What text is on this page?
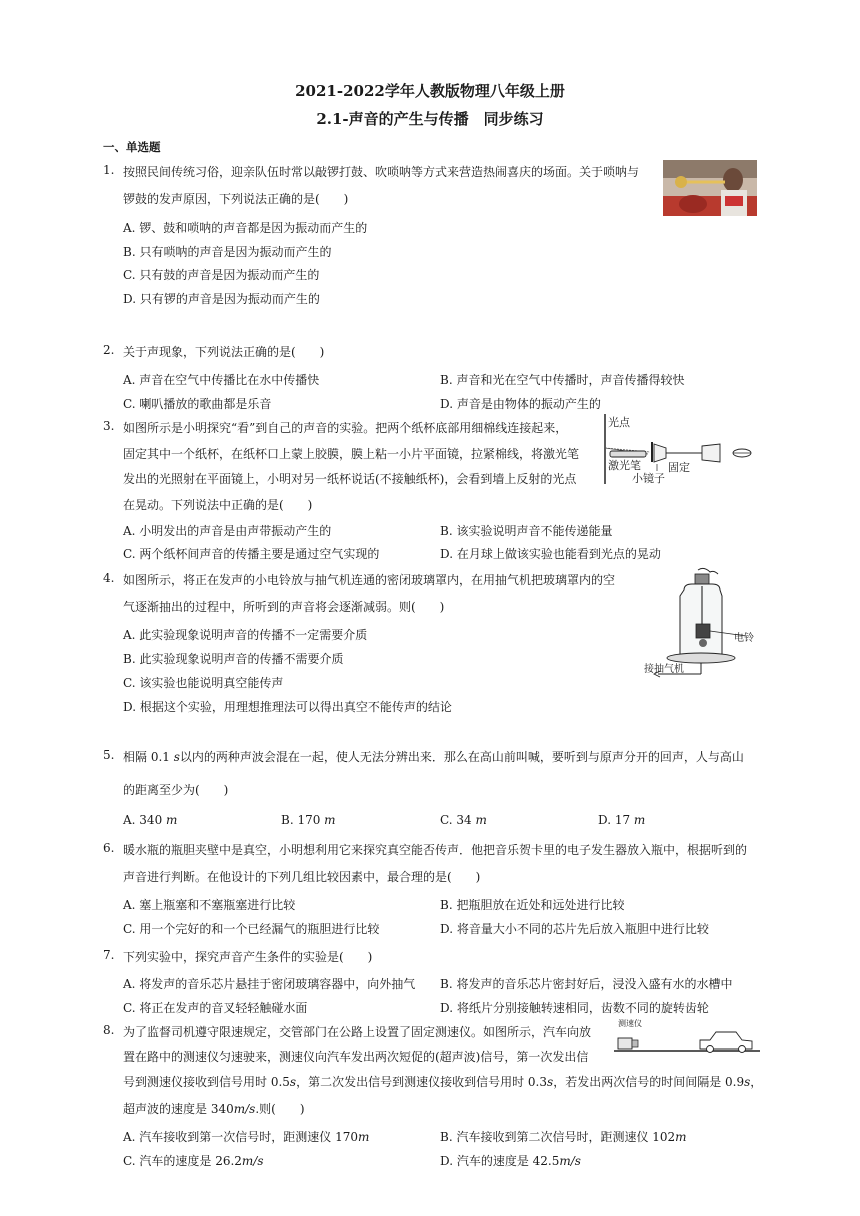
2021-2022学年人教版物理八年级上册
2.1-声音的产生与传播　同步练习
一、单选题
1. 按照民间传统习俗，迎亲队伍时常以敲锣打鼓、吹唢呐等方式来营造热闹喜庆的场面。关于唢呐与
锣鼓的发声原因，下列说法正确的是(　　)
A. 锣、鼓和唢呐的声音都是因为振动而产生的
B. 只有唢呐的声音是因为振动而产生的
C. 只有鼓的声音是因为振动而产生的
D. 只有锣的声音是因为振动而产生的
2. 关于声现象，下列说法正确的是(　　)
A. 声音在空气中传播比在水中传播快	B. 声音和光在空气中传播时，声音传播得较快
C. 喇叭播放的歌曲都是乐音	D. 声音是由物体的振动产生的
3. 如图所示是小明探究“看”到自己的声音的实验。把两个纸杯底部用细棉线连接起来，
固定其中一个纸杯，在纸杯口上蒙上胶膜，膜上粘一小片平面镜，拉紧棉线，将激光笔
发出的光照射在平面镜上，小明对另一纸杯说话(不接触纸杯)，会看到墙上反射的光点
在晃动。下列说法中正确的是(　　)
A. 小明发出的声音是由声带振动产生的	B. 该实验说明声音不能传递能量
C. 两个纸杯间声音的传播主要是通过空气实现的	D. 在月球上做该实验也能看到光点的晃动
光点
激光笔
小镜子
固定
4. 如图所示，将正在发声的小电铃放与抽气机连通的密闭玻璃罩内，在用抽气机把玻璃罩内的空
气逐渐抽出的过程中，所听到的声音将会逐渐减弱。则(　　)
A. 此实验现象说明声音的传播不一定需要介质
B. 此实验现象说明声音的传播不需要介质
C. 该实验也能说明真空能传声
D. 根据这个实验，用理想推理法可以得出真空不能传声的结论
电铃
接抽气机
5. 相隔 0.1 s以内的两种声波会混在一起，使人无法分辨出来．那么在高山前叫喊，要听到与原声分开的回声，人与高山
的距离至少为(　　)
A. 340 m	B. 170 m	C. 34 m	D. 17 m
6. 暖水瓶的瓶胆夹壁中是真空，小明想利用它来探究真空能否传声．他把音乐贺卡里的电子发生器放入瓶中，根据听到的
声音进行判断。在他设计的下列几组比较因素中，最合理的是(　　)
A. 塞上瓶塞和不塞瓶塞进行比较	B. 把瓶胆放在近处和远处进行比较
C. 用一个完好的和一个已经漏气的瓶胆进行比较	D. 将音量大小不同的芯片先后放入瓶胆中进行比较
7. 下列实验中，探究声音产生条件的实验是(　　)
A. 将发声的音乐芯片悬挂于密闭玻璃容器中，向外抽气 B. 将发声的音乐芯片密封好后，浸没入盛有水的水槽中
C. 将正在发声的音叉轻轻触碰水面	D. 将纸片分别接触转速相同，齿数不同的旋转齿轮
8. 为了监督司机遵守限速规定，交管部门在公路上设置了固定测速仪。如图所示，汽车向放
置在路中的测速仪匀速驶来，测速仪向汽车发出两次短促的(超声波)信号，第一次发出信
号到测速仪接收到信号用时 0.5s，第二次发出信号到测速仪接收到信号用时 0.3s，若发出两次信号的时间间隔是 0.9s，
超声波的速度是 340m/s.则(　　)
A. 汽车接收到第一次信号时，距测速仪 170m	B. 汽车接收到第二次信号时，距测速仪 102m
C. 汽车的速度是 26.2m/s	D. 汽车的速度是 42.5m/s
测速仪
